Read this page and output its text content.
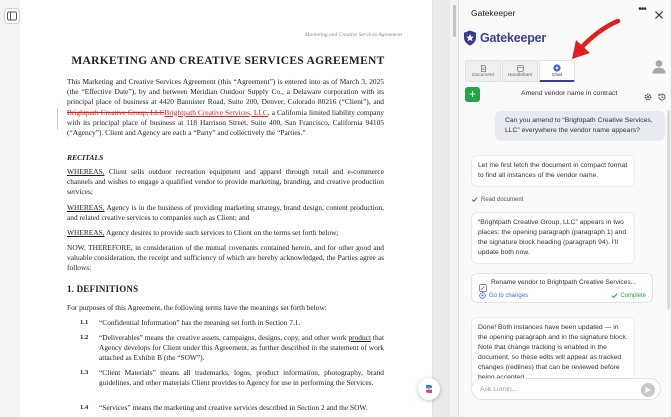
Marketing and Creative Services Agreement
MARKETING AND CREATIVE SERVICES AGREEMENT
This Marketing and Creative Services Agreement (this “Agreement”) is entered into as of March 3, 2025 (the “Effective Date”), by and between Meridian Outdoor Supply Co., a Delaware corporation with its principal place of business at 4420 Bannister Road, Suite 200, Denver, Colorado 80216 (“Client”), and Brightpath Creative Group, LLCBrightpath Creative Services, LLC, a California limited liability company with its principal place of business at 118 Harrison Street, Suite 400, San Francisco, California 94105 (“Agency”). Client and Agency are each a “Party” and collectively the “Parties.”
RECITALS
WHEREAS, Client sells outdoor recreation equipment and apparel through retail and e-commerce channels and wishes to engage a qualified vendor to provide marketing, branding, and creative production services;
WHEREAS, Agency is in the business of providing marketing strategy, brand design, content production, and related creative services to companies such as Client; and
WHEREAS, Agency desires to provide such services to Client on the terms set forth below;
NOW, THEREFORE, in consideration of the mutual covenants contained herein, and for other good and valuable consideration, the receipt and sufficiency of which are hereby acknowledged, the Parties agree as follows:
1. DEFINITIONS
For purposes of this Agreement, the following terms have the meanings set forth below:
1.1	“Confidential Information” has the meaning set forth in Section 7.1.
1.2	“Deliverables” means the creative assets, campaigns, designs, copy, and other work product that Agency develops for Client under this Agreement, as further described in the statement of work attached as Exhibit B (the “SOW”).
1.3	“Client Materials” means all trademarks, logos, product information, photography, brand guidelines, and other materials Client provides to Agency for use in performing the Services.
1.4	“Services” means the marketing and creative services described in Section 2 and the SOW.
Gatekeeper	•••
Gatekeeper
Document	Handlebars	Chat
+	Amend vendor name in contract
Can you amend to “Brightpath Creative Services, LLC” everywhere the vendor name appears?
Let me first fetch the document in compact format to find all instances of the vendor name.
Read document
“Brightpath Creative Group, LLC” appears in two places: the opening paragraph (paragraph 1) and the signature block heading (paragraph 94). I'll update both now.
Rename vendor to Brightpath Creative Services...
Go to changes	Complete
Done! Both instances have been updated — in the opening paragraph and in the signature block. Note that change tracking is enabled in the document, so these edits will appear as tracked changes (redlines) that can be reviewed before
Ask Lumin...
